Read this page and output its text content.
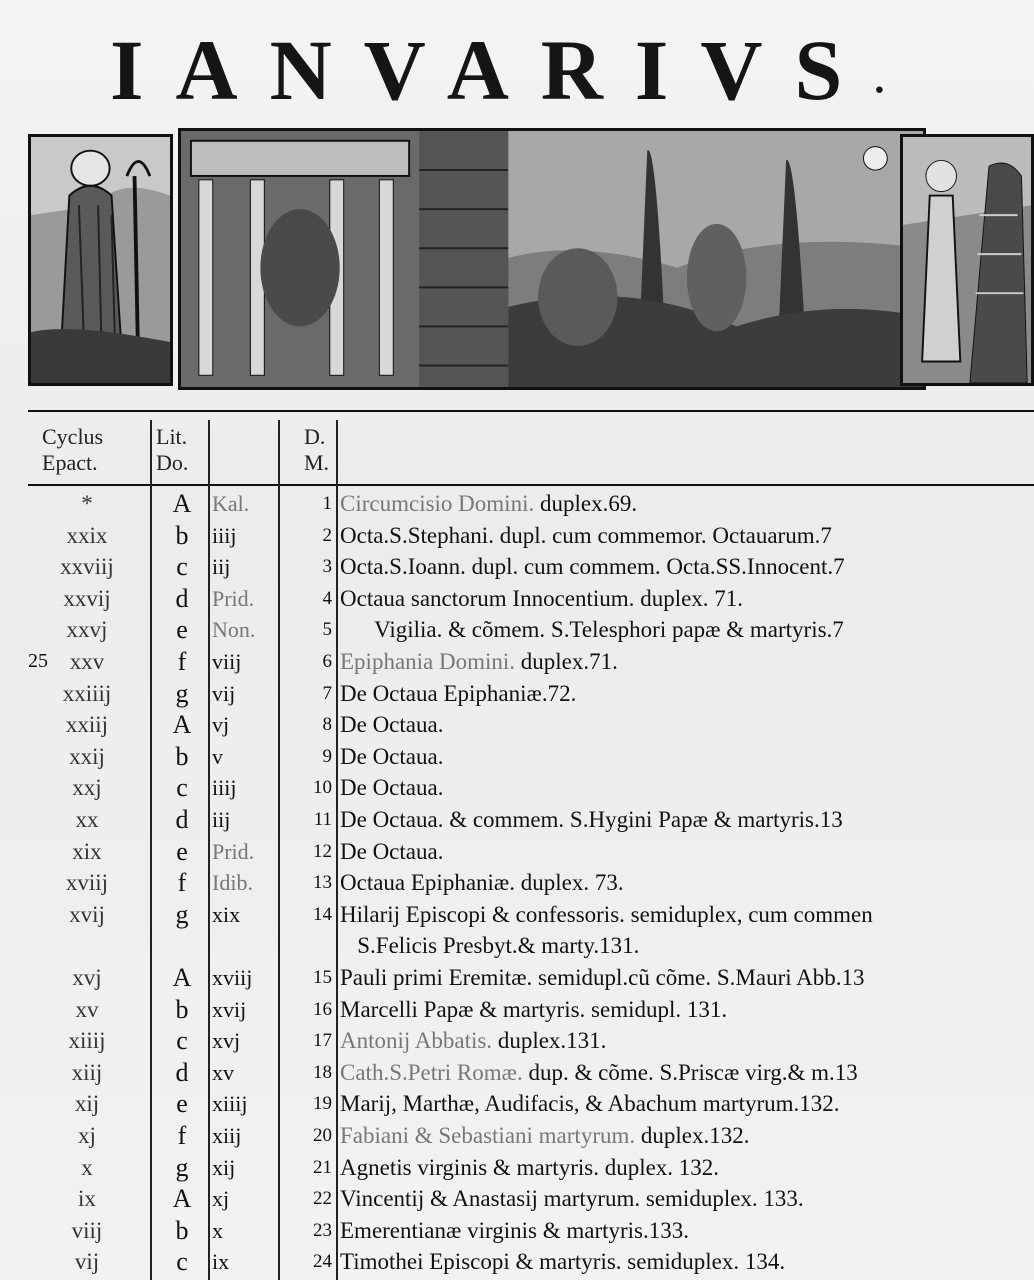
IANVARIVS.
Cyclus
Epact.
Lit.
Do.
D.
M.
*	A Kal.	1 Circumcisio Domini. duplex.69.
xxix	b	iiij	2 Octa.S.Stephani. dupl. cum commemor. Octauarum.7
xxviij	c	iij	3 Octa.S.Ioann. dupl. cum commem. Octa.SS.Innocent.7
xxvij	d	Prid.	4 Octaua sanctorum Innocentium. duplex. 71.
xxvj	e	Non.	5 Vigilia. & cõmem. S.Telesphori papæ & martyris.7
25 xxv	f	viij	6 Epiphania Domini. duplex.71.
xxiiij	g	vij	7 De Octaua Epiphaniæ.72.
xxiij	A vj	8 De Octaua.
xxij	b	v	9 De Octaua.
xxj	c	iiij	10 De Octaua.
xx	d	iij	11 De Octaua. & commem. S.Hygini Papæ & martyris.13
xix	e	Prid.	12 De Octaua.
xviij	f	Idib.	13 Octaua Epiphaniæ. duplex. 73.
xvij	g	xix	14 Hilarij Episcopi & confessoris. semiduplex, cum commen
S.Felicis Presbyt.& marty.131.
xvj	A xviij	15 Pauli primi Eremitæ. semidupl.cũ cõme. S.Mauri Abb.13
xv	b	xvij	16 Marcelli Papæ & martyris. semidupl. 131.
xiiij	c	xvj	17 Antonij Abbatis. duplex.131.
xiij	d	xv	18 Cath.S.Petri Romæ. dup. & cõme. S.Priscæ virg.& m.13
xij	e	xiiij	19 Marij, Marthæ, Audifacis, & Abachum martyrum.132.
xj	f	xiij	20 Fabiani & Sebastiani martyrum. duplex.132.
x	g	xij	21 Agnetis virginis & martyris. duplex. 132.
ix	A xj	22 Vincentij & Anastasij martyrum. semiduplex. 133.
viij	b	x	23 Emerentianæ virginis & martyris.133.
vij	c	ix	24 Timothei Episcopi & martyris. semiduplex. 134.
